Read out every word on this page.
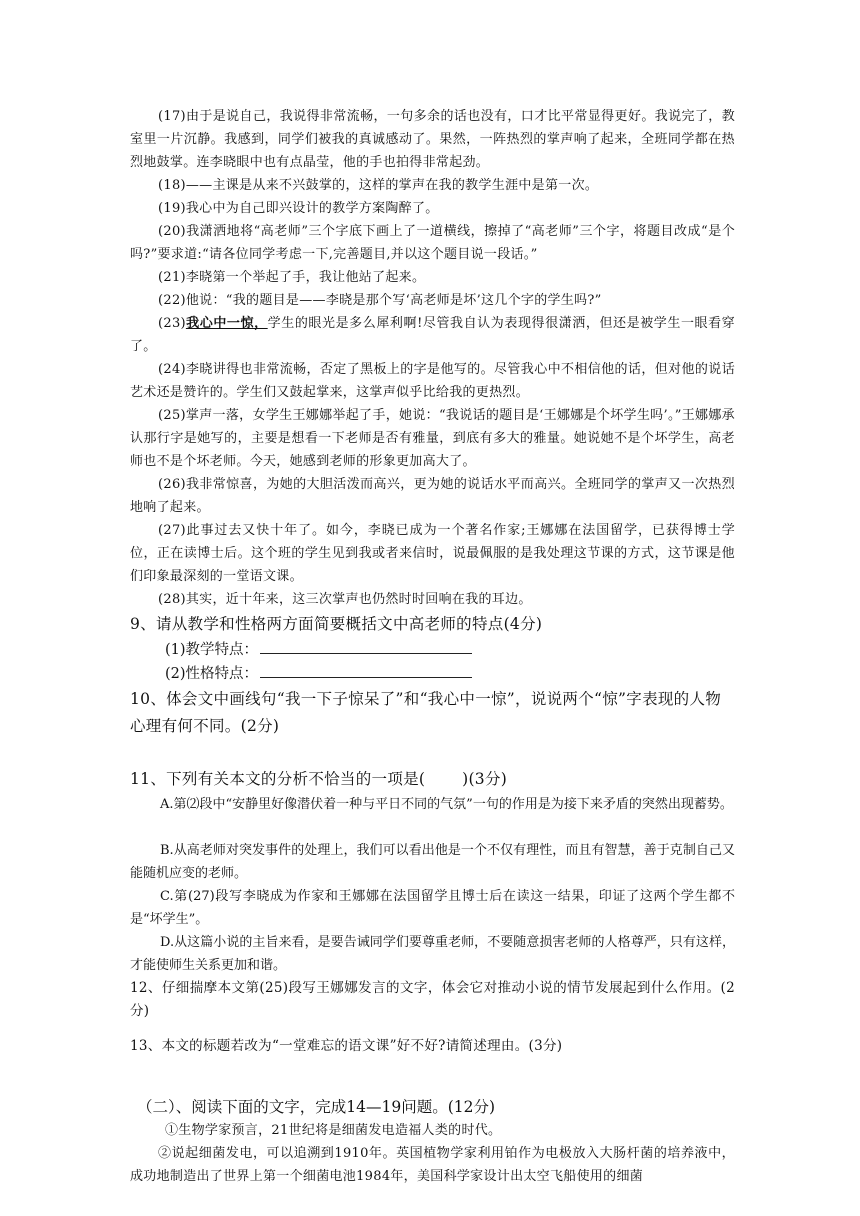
(17)由于是说自己，我说得非常流畅，一句多余的话也没有，口才比平常显得更好。我说完了，教室里一片沉静。我感到，同学们被我的真诚感动了。果然，一阵热烈的掌声响了起来，全班同学都在热烈地鼓掌。连李晓眼中也有点晶莹，他的手也拍得非常起劲。

(18)——主课是从来不兴鼓掌的，这样的掌声在我的教学生涯中是第一次。

(19)我心中为自己即兴设计的教学方案陶醉了。

(20)我潇洒地将“高老师”三个字底下画上了一道横线，擦掉了“高老师”三个字，将题目改成“是个吗?”要求道:“请各位同学考虑一下,完善题目,并以这个题目说一段话。”

(21)李晓第一个举起了手，我让他站了起来。

(22)他说：“我的题目是——李晓是那个写‘高老师是坏’这几个字的学生吗?”

(23)我心中一惊，学生的眼光是多么犀利啊!尽管我自认为表现得很潇洒，但还是被学生一眼看穿了。

(24)李晓讲得也非常流畅，否定了黑板上的字是他写的。尽管我心中不相信他的话，但对他的说话艺术还是赞许的。学生们又鼓起掌来，这掌声似乎比给我的更热烈。

(25)掌声一落，女学生王娜娜举起了手，她说：“我说话的题目是‘王娜娜是个坏学生吗’。”王娜娜承认那行字是她写的，主要是想看一下老师是否有雅量，到底有多大的雅量。她说她不是个坏学生，高老师也不是个坏老师。今天，她感到老师的形象更加高大了。

(26)我非常惊喜，为她的大胆活泼而高兴，更为她的说话水平而高兴。全班同学的掌声又一次热烈地响了起来。

(27)此事过去又快十年了。如今，李晓已成为一个著名作家;王娜娜在法国留学，已获得博士学位，正在读博士后。这个班的学生见到我或者来信时，说最佩服的是我处理这节课的方式，这节课是他们印象最深刻的一堂语文课。

(28)其实，近十年来，这三次掌声也仍然时时回响在我的耳边。

9、请从教学和性格两方面简要概括文中高老师的特点(4分)

(1)教学特点：

(2)性格特点：

10、体会文中画线句“我一下子惊呆了”和“我心中一惊”，说说两个“惊”字表现的人物心理有何不同。(2分)

11、下列有关本文的分析不恰当的一项是(　　 )(3分)

A.第⑵段中“安静里好像潜伏着一种与平日不同的气氛”一句的作用是为接下来矛盾的突然出现蓄势。

B.从高老师对突发事件的处理上，我们可以看出他是一个不仅有理性，而且有智慧，善于克制自己又能随机应变的老师。

C.第(27)段写李晓成为作家和王娜娜在法国留学且博士后在读这一结果，印证了这两个学生都不是“坏学生”。

D.从这篇小说的主旨来看，是要告诫同学们要尊重老师，不要随意损害老师的人格尊严，只有这样，才能使师生关系更加和谐。

12、仔细揣摩本文第(25)段写王娜娜发言的文字，体会它对推动小说的情节发展起到什么作用。(2分)

13、本文的标题若改为“一堂难忘的语文课”好不好?请简述理由。(3分)

（二）、阅读下面的文字，完成14—19问题。(12分)

①生物学家预言，21世纪将是细菌发电造福人类的时代。

②说起细菌发电，可以追溯到1910年。英国植物学家利用铂作为电极放入大肠杆菌的培养液中，成功地制造出了世界上第一个细菌电池1984年，美国科学家设计出太空飞船使用的细菌
